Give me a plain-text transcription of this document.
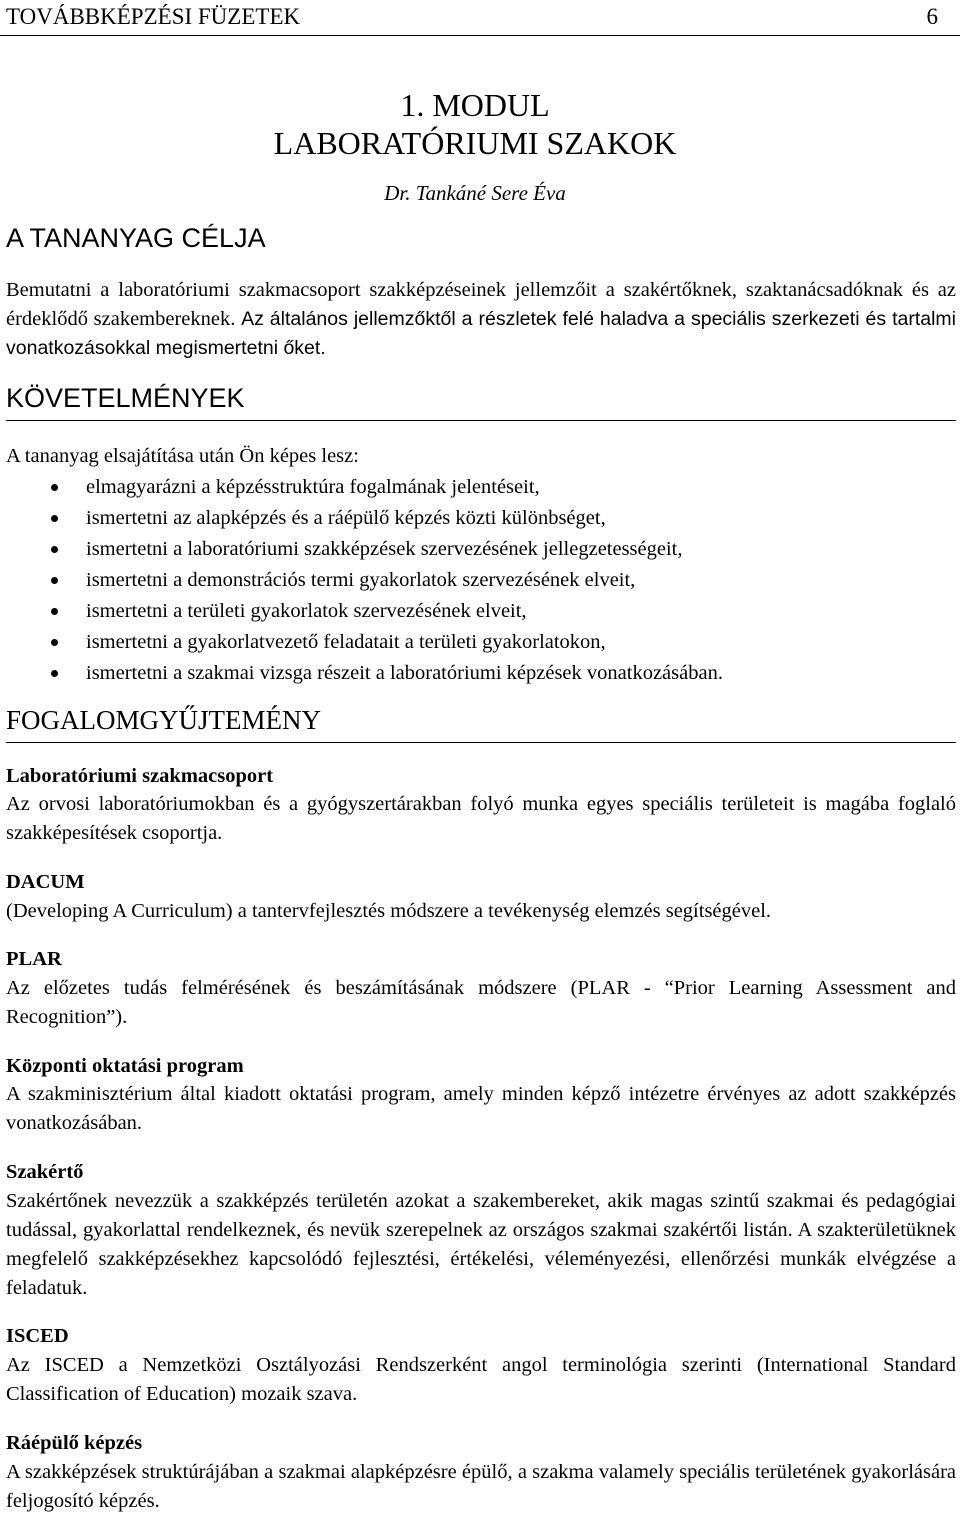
TOVÁBBKÉPZÉSI FÜZETEK	6
1. MODUL
LABORATÓRIUMI SZAKOK
Dr. Tankáné Sere Éva
A TANANYAG CÉLJA

Bemutatni a laboratóriumi szakmacsoport szakképzéseinek jellemzőit a szakértőknek, szaktanácsadóknak és az érdeklődő szakembereknek. Az általános jellemzőktől a részletek felé haladva a speciális szerkezeti és tartalmi vonatkozásokkal megismertetni őket.

KÖVETELMÉNYEK
A tananyag elsajátítása után Ön képes lesz:
elmagyarázni a képzésstruktúra fogalmának jelentéseit,
ismertetni az alapképzés és a ráépülő képzés közti különbséget,
ismertetni a laboratóriumi szakképzések szervezésének jellegzetességeit,
ismertetni a demonstrációs termi gyakorlatok szervezésének elveit,
ismertetni a területi gyakorlatok szervezésének elveit,
ismertetni a gyakorlatvezető feladatait a területi gyakorlatokon,
ismertetni a szakmai vizsga részeit a laboratóriumi képzések vonatkozásában.
FOGALOMGYŰJTEMÉNY
Laboratóriumi szakmacsoport

Az orvosi laboratóriumokban és a gyógyszertárakban folyó munka egyes speciális területeit is magába foglaló szakképesítések csoportja.

DACUM

(Developing A Curriculum) a tantervfejlesztés módszere a tevékenység elemzés segítségével.

PLAR

Az előzetes tudás felmérésének és beszámításának módszere (PLAR - “Prior Learning Assessment and Recognition”).

Központi oktatási program

A szakminisztérium által kiadott oktatási program, amely minden képző intézetre érvényes az adott szakképzés vonatkozásában.

Szakértő

Szakértőnek nevezzük a szakképzés területén azokat a szakembereket, akik magas szintű szakmai és pedagógiai tudással, gyakorlattal rendelkeznek, és nevük szerepelnek az országos szakmai szakértői listán. A szakterületüknek megfelelő szakképzésekhez kapcsolódó fejlesztési, értékelési, véleményezési, ellenőrzési munkák elvégzése a feladatuk.

ISCED

Az ISCED a Nemzetközi Osztályozási Rendszerként angol terminológia szerinti (International Standard Classification of Education) mozaik szava.

Ráépülő képzés

A szakképzések struktúrájában a szakmai alapképzésre épülő, a szakma valamely speciális területének gyakorlására feljogosító képzés.
